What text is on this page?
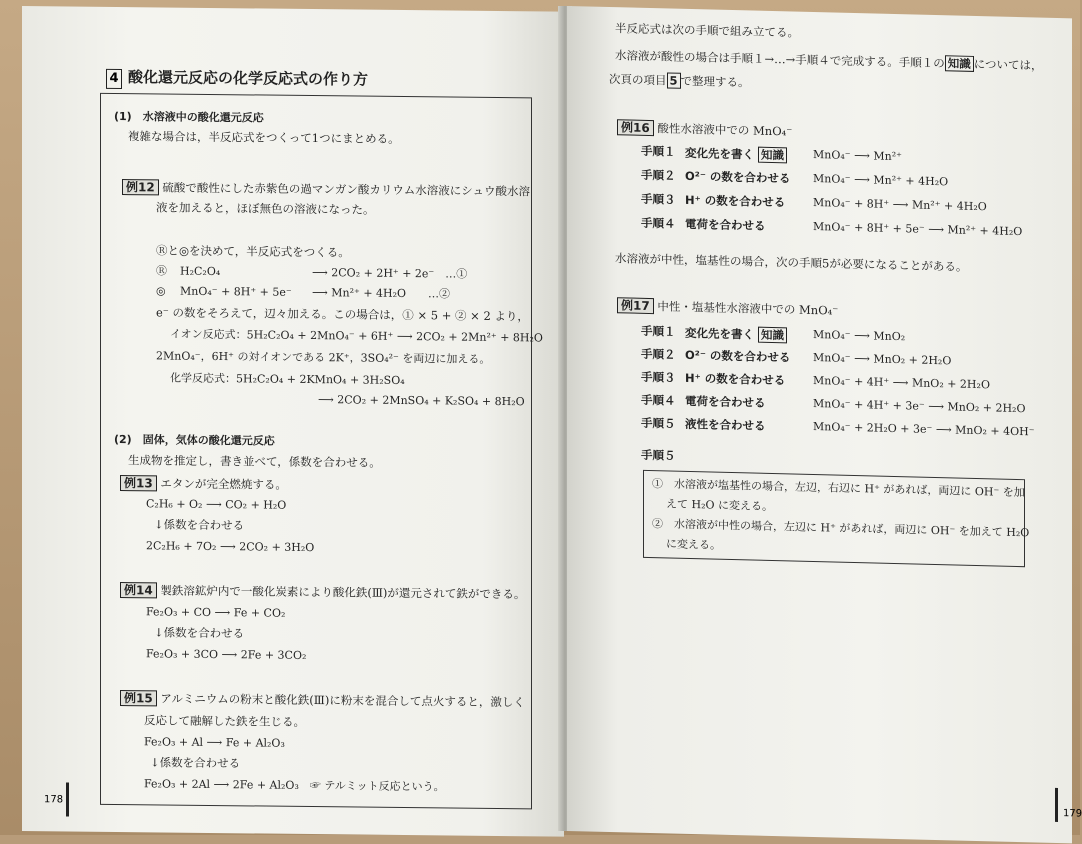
4 酸化還元反応の化学反応式の作り方
(1)　水溶液中の酸化還元反応
複雑な場合は，半反応式をつくって1つにまとめる。
例12 硫酸で酸性にした赤紫色の過マンガン酸カリウム水溶液にシュウ酸水溶
液を加えると，ほぼ無色の溶液になった。
Ⓡと◎を決めて，半反応式をつくる。
Ⓡ H₂C₂O₄	⟶ 2CO₂ + 2H⁺ + 2e⁻　…①
◎ MnO₄⁻ + 8H⁺ + 5e⁻ ⟶ Mn²⁺ + 4H₂O　　…②
e⁻ の数をそろえて，辺々加える。この場合は，① × 5 + ② × 2 より，
イオン反応式：5H₂C₂O₄ + 2MnO₄⁻ + 6H⁺ ⟶ 2CO₂ + 2Mn²⁺ + 8H₂O
2MnO₄⁻，6H⁺ の対イオンである 2K⁺，3SO₄²⁻ を両辺に加える。
化学反応式：5H₂C₂O₄ + 2KMnO₄ + 3H₂SO₄
⟶ 2CO₂ + 2MnSO₄ + K₂SO₄ + 8H₂O
(2)　固体，気体の酸化還元反応
生成物を推定し，書き並べて，係数を合わせる。
例13 エタンが完全燃焼する。
C₂H₆ + O₂ ⟶ CO₂ + H₂O
↓係数を合わせる
2C₂H₆ + 7O₂ ⟶ 2CO₂ + 3H₂O
例14 製鉄溶鉱炉内で一酸化炭素により酸化鉄(Ⅲ)が還元されて鉄ができる。
Fe₂O₃ + CO ⟶ Fe + CO₂
↓係数を合わせる
Fe₂O₃ + 3CO ⟶ 2Fe + 3CO₂
例15 アルミニウムの粉末と酸化鉄(Ⅲ)に粉末を混合して点火すると，激しく
反応して融解した鉄を生じる。
Fe₂O₃ + Al ⟶ Fe + Al₂O₃
↓係数を合わせる
Fe₂O₃ + 2Al ⟶ 2Fe + Al₂O₃　☞ テルミット反応という。
178
半反応式は次の手順で組み立てる。
水溶液が酸性の場合は手順１→…→手順４で完成する。手順１の 知識 については，
次頁の項目 5 で整理する。
例16 酸性水溶液中での MnO₄⁻
水溶液が中性，塩基性の場合，次の手順5が必要になることがある。
例17 中性・塩基性水溶液中での MnO₄⁻
手順５
①　水溶液が塩基性の場合，左辺，右辺に H⁺ があれば，両辺に OH⁻ を加
えて H₂O に変える。
②　水溶液が中性の場合，左辺に H⁺ があれば，両辺に OH⁻ を加えて H₂O
に変える。
179
手順１ 変化先を書く 知識	MnO₄⁻ ⟶ Mn²⁺
手順２ O²⁻ の数を合わせる MnO₄⁻ ⟶ Mn²⁺ + 4H₂O
手順３ H⁺ の数を合わせる	MnO₄⁻ + 8H⁺ ⟶ Mn²⁺ + 4H₂O
手順４ 電荷を合わせる	MnO₄⁻ + 8H⁺ + 5e⁻ ⟶ Mn²⁺ + 4H₂O
手順１ 変化先を書く 知識	MnO₄⁻ ⟶ MnO₂
手順２ O²⁻ の数を合わせる MnO₄⁻ ⟶ MnO₂ + 2H₂O
手順３ H⁺ の数を合わせる	MnO₄⁻ + 4H⁺ ⟶ MnO₂ + 2H₂O
手順４ 電荷を合わせる	MnO₄⁻ + 4H⁺ + 3e⁻ ⟶ MnO₂ + 2H₂O
手順５ 液性を合わせる	MnO₄⁻ + 2H₂O + 3e⁻ ⟶ MnO₂ + 4OH⁻
